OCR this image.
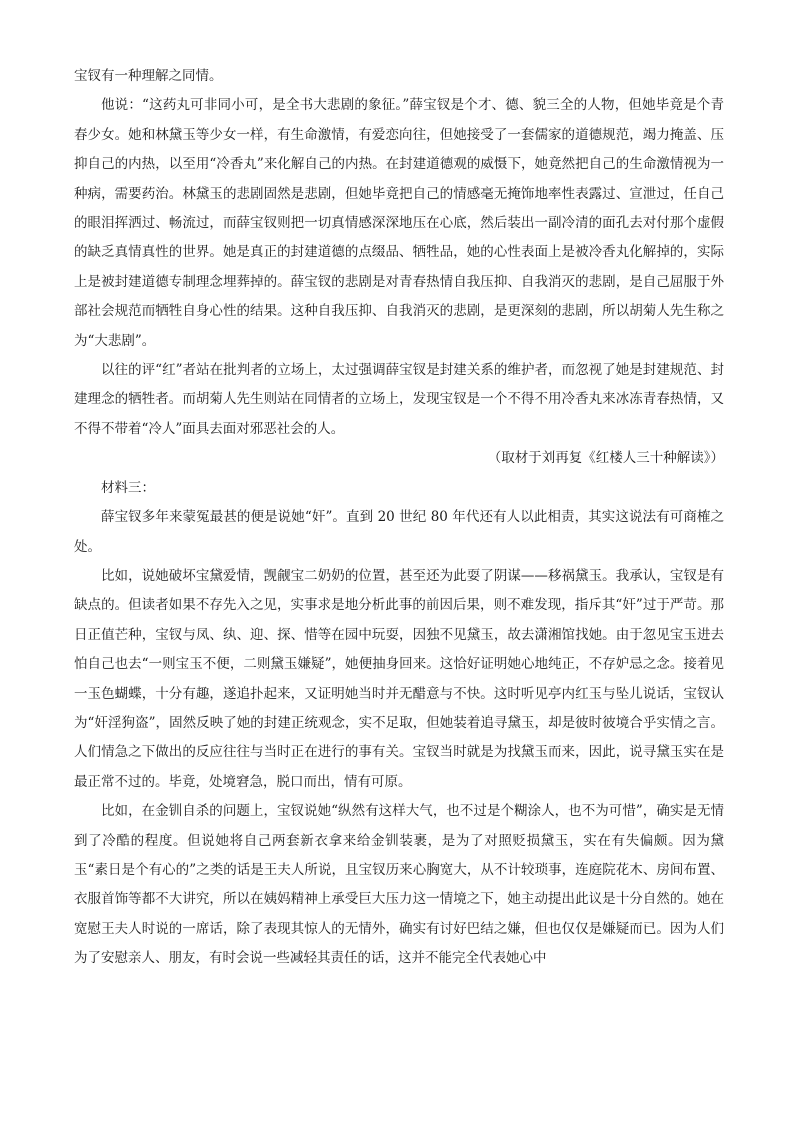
宝钗有一种理解之同情。

他说：“这药丸可非同小可，是全书大悲剧的象征。”薛宝钗是个才、德、貌三全的人物，但她毕竟是个青春少女。她和林黛玉等少女一样，有生命激情，有爱恋向往，但她接受了一套儒家的道德规范，竭力掩盖、压抑自己的内热，以至用“冷香丸”来化解自己的内热。在封建道德观的威慑下，她竟然把自己的生命激情视为一种病，需要药治。林黛玉的悲剧固然是悲剧，但她毕竟把自己的情感毫无掩饰地率性表露过、宣泄过，任自己的眼泪挥洒过、畅流过，而薛宝钗则把一切真情感深深地压在心底，然后装出一副冷清的面孔去对付那个虚假的缺乏真情真性的世界。她是真正的封建道德的点缀品、牺牲品，她的心性表面上是被冷香丸化解掉的，实际上是被封建道德专制理念埋葬掉的。薛宝钗的悲剧是对青春热情自我压抑、自我消灭的悲剧，是自己屈服于外部社会规范而牺牲自身心性的结果。这种自我压抑、自我消灭的悲剧，是更深刻的悲剧，所以胡菊人先生称之为“大悲剧”。

以往的评“红”者站在批判者的立场上，太过强调薛宝钗是封建关系的维护者，而忽视了她是封建规范、封建理念的牺牲者。而胡菊人先生则站在同情者的立场上，发现宝钗是一个不得不用冷香丸来冰冻青春热情，又不得不带着“冷人”面具去面对邪恶社会的人。

（取材于刘再复《红楼人三十种解读》）

材料三：

薛宝钗多年来蒙冤最甚的便是说她“奸”。直到 20 世纪 80 年代还有人以此相责，其实这说法有可商榷之处。

比如，说她破坏宝黛爱情，觊觎宝二奶奶的位置，甚至还为此耍了阴谋——移祸黛玉。我承认，宝钗是有缺点的。但读者如果不存先入之见，实事求是地分析此事的前因后果，则不难发现，指斥其“奸”过于严苛。那日正值芒种，宝钗与凤、纨、迎、探、惜等在园中玩耍，因独不见黛玉，故去潇湘馆找她。由于忽见宝玉进去怕自己也去“一则宝玉不便，二则黛玉嫌疑”，她便抽身回来。这恰好证明她心地纯正，不存妒忌之念。接着见一玉色蝴蝶，十分有趣，遂追扑起来，又证明她当时并无醋意与不快。这时听见亭内红玉与坠儿说话，宝钗认为“奸淫狗盗”，固然反映了她的封建正统观念，实不足取，但她装着追寻黛玉，却是彼时彼境合乎实情之言。人们情急之下做出的反应往往与当时正在进行的事有关。宝钗当时就是为找黛玉而来，因此，说寻黛玉实在是最正常不过的。毕竟，处境窘急，脱口而出，情有可原。

比如，在金钏自杀的问题上，宝钗说她“纵然有这样大气，也不过是个糊涂人，也不为可惜”，确实是无情到了冷酷的程度。但说她将自己两套新衣拿来给金钏装裹，是为了对照贬损黛玉，实在有失偏颇。因为黛玉“素日是个有心的”之类的话是王夫人所说，且宝钗历来心胸宽大，从不计较琐事，连庭院花木、房间布置、衣服首饰等都不大讲究，所以在姨妈精神上承受巨大压力这一情境之下，她主动提出此议是十分自然的。她在宽慰王夫人时说的一席话，除了表现其惊人的无情外，确实有讨好巴结之嫌，但也仅仅是嫌疑而已。因为人们为了安慰亲人、朋友，有时会说一些减轻其责任的话，这并不能完全代表她心中
